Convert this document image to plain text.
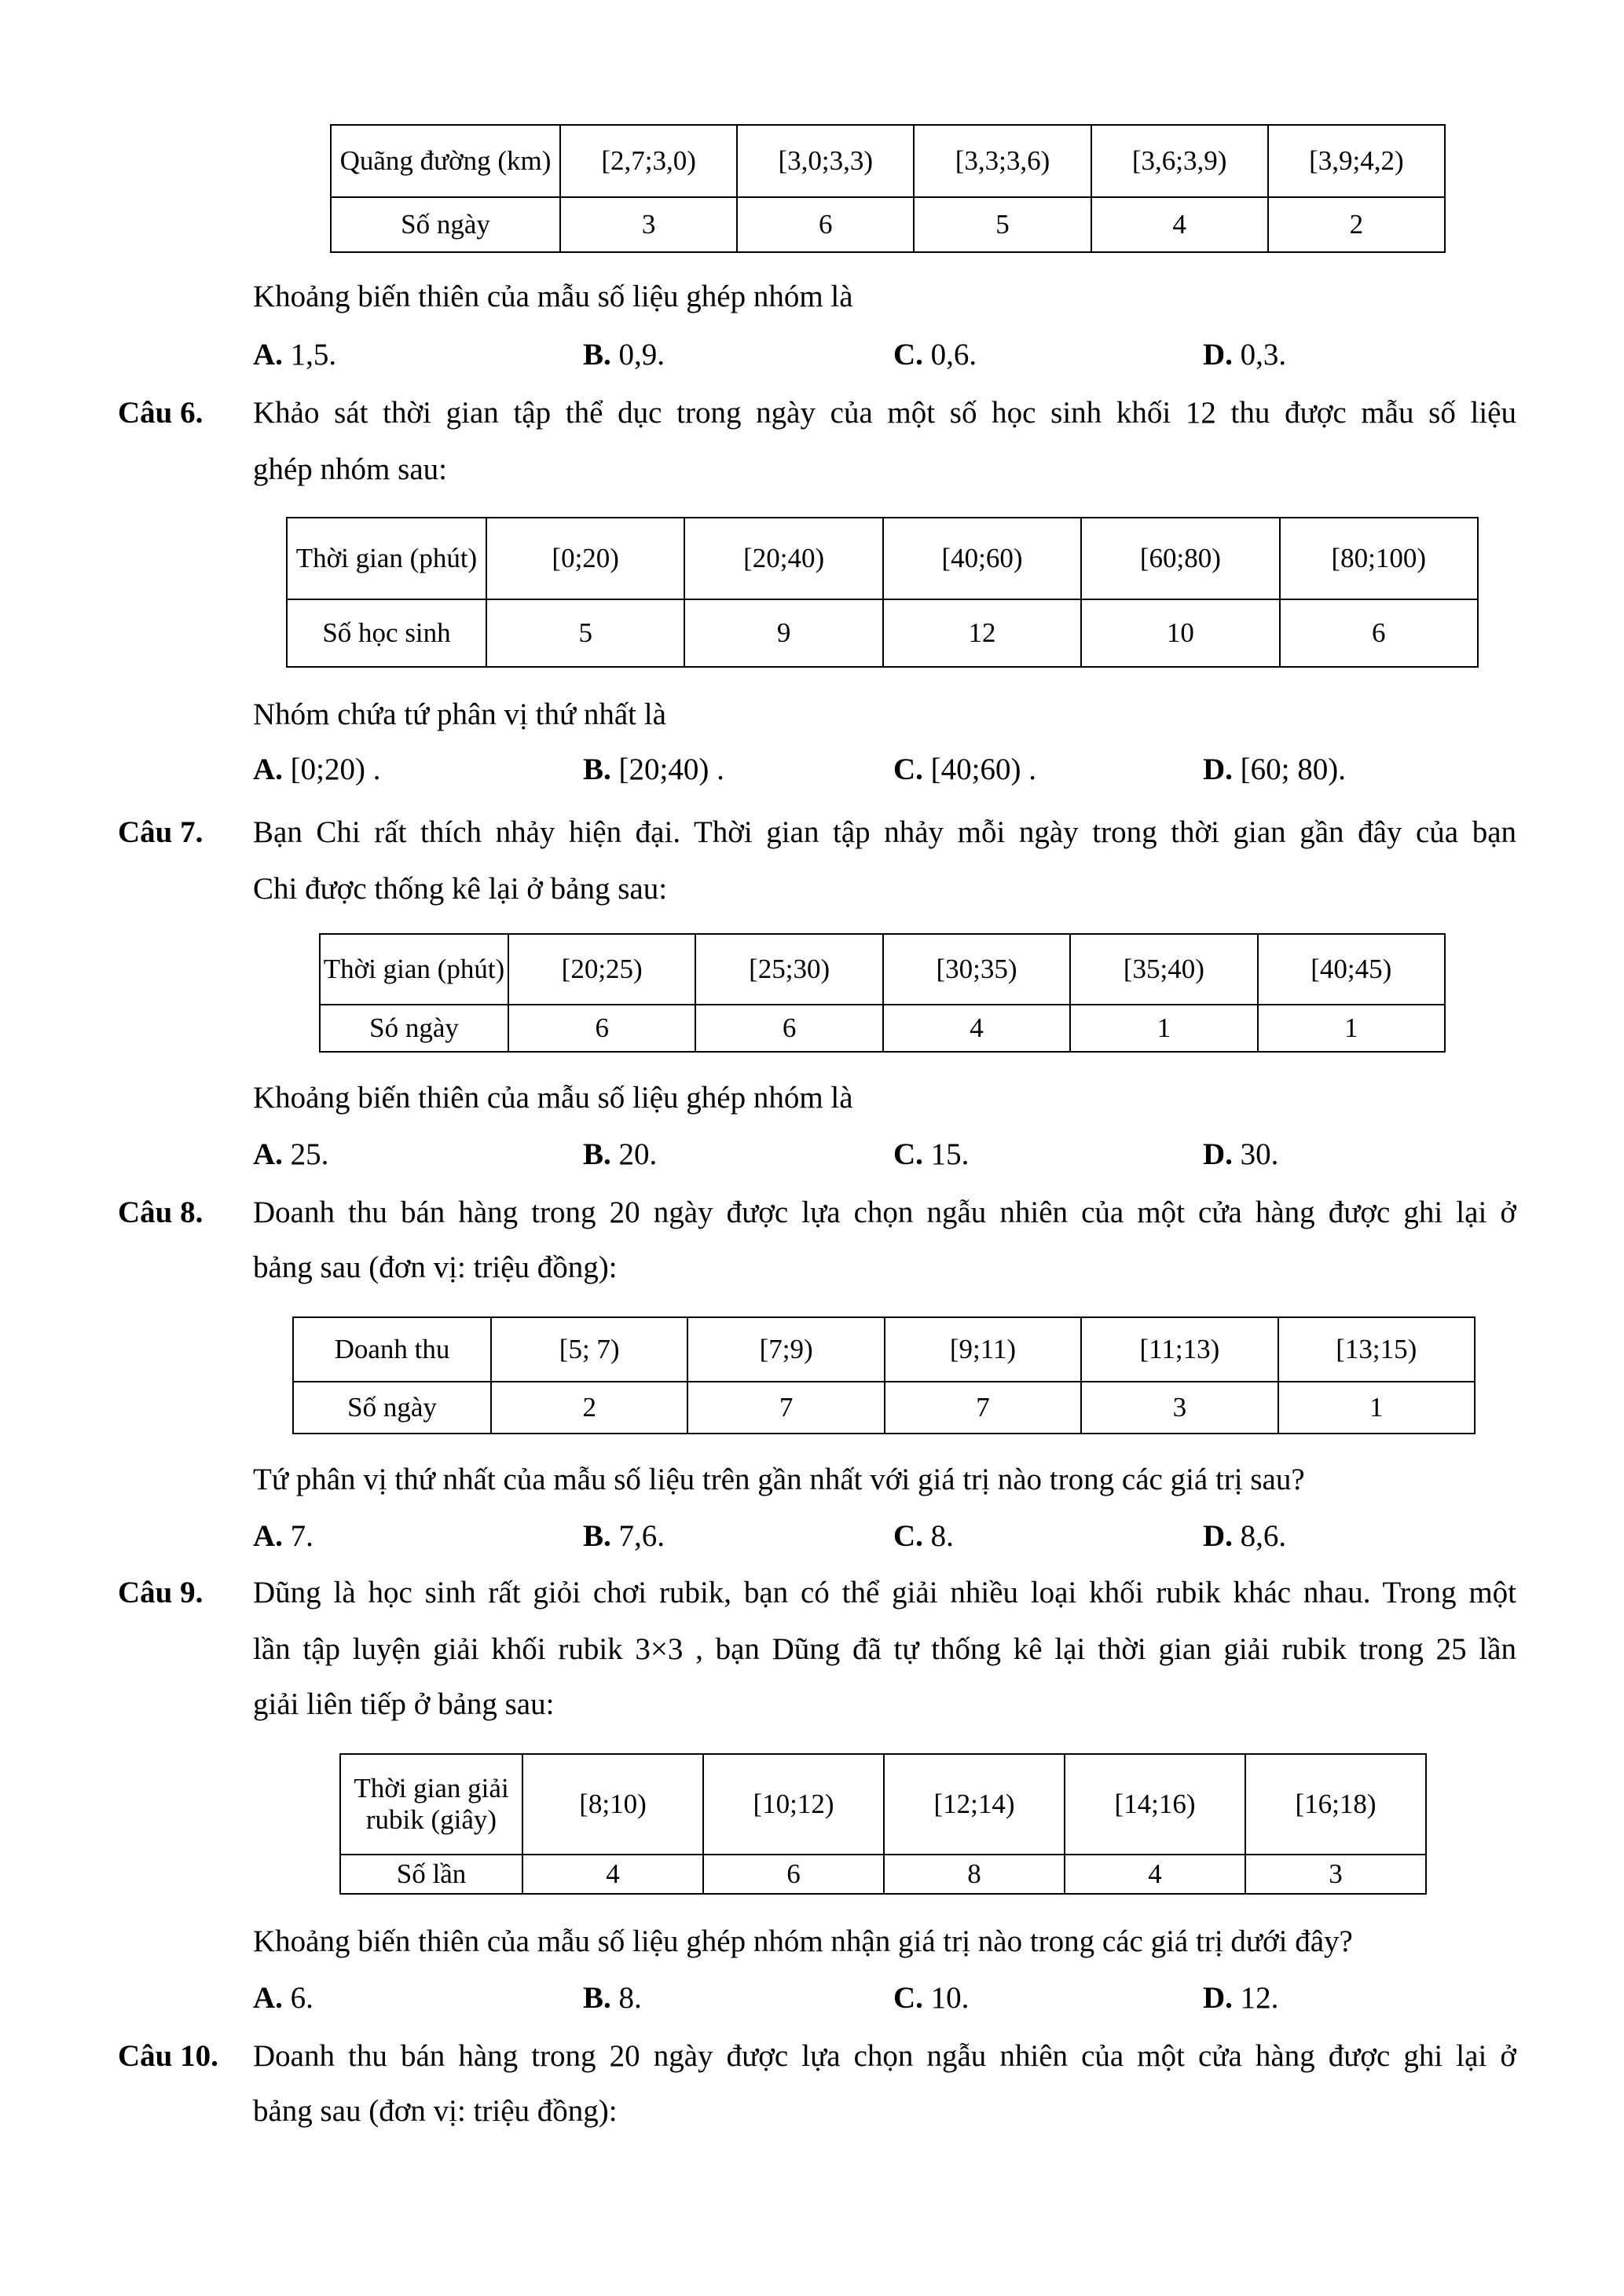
Quãng đường (km)	[2,7;3,0)	[3,0;3,3)	[3,3;3,6)	[3,6;3,9)	[3,9;4,2)
Số ngày	3	6	5	4	2
Khoảng biến thiên của mẫu số liệu ghép nhóm là
A. 1,5.	B. 0,9.	C. 0,6.	D. 0,3.
Câu 6. Khảo sát thời gian tập thể dục trong ngày của một số học sinh khối 12 thu được mẫu số liệu
ghép nhóm sau:
Thời gian (phút)	[0;20)	[20;40)	[40;60)	[60;80)	[80;100)
Số học sinh	5	9	12	10	6
Nhóm chứa tứ phân vị thứ nhất là
A. [0;20) .	B. [20;40) .	C. [40;60) .	D. [60; 80).
Câu 7. Bạn Chi rất thích nhảy hiện đại. Thời gian tập nhảy mỗi ngày trong thời gian gần đây của bạn
Chi được thống kê lại ở bảng sau:
Thời gian (phút)	[20;25)	[25;30)	[30;35)	[35;40)	[40;45)
Só ngày	6	6	4	1	1
Khoảng biến thiên của mẫu số liệu ghép nhóm là
A. 25.	B. 20.	C. 15.	D. 30.
Câu 8. Doanh thu bán hàng trong 20 ngày được lựa chọn ngẫu nhiên của một cửa hàng được ghi lại ở
bảng sau (đơn vị: triệu đồng):
Doanh thu	[5; 7)	[7;9)	[9;11)	[11;13)	[13;15)
Số ngày	2	7	7	3	1
Tứ phân vị thứ nhất của mẫu số liệu trên gần nhất với giá trị nào trong các giá trị sau?
A. 7.	B. 7,6.	C. 8.	D. 8,6.
Câu 9. Dũng là học sinh rất giỏi chơi rubik, bạn có thể giải nhiều loại khối rubik khác nhau. Trong một
lần tập luyện giải khối rubik 3×3 , bạn Dũng đã tự thống kê lại thời gian giải rubik trong 25 lần
giải liên tiếp ở bảng sau:
Thời gian giải rubik (giây)	[8;10)	[10;12)	[12;14)	[14;16)	[16;18)
Số lần	4	6	8	4	3
Khoảng biến thiên của mẫu số liệu ghép nhóm nhận giá trị nào trong các giá trị dưới đây?
A. 6.	B. 8.	C. 10.	D. 12.
Câu 10. Doanh thu bán hàng trong 20 ngày được lựa chọn ngẫu nhiên của một cửa hàng được ghi lại ở
bảng sau (đơn vị: triệu đồng):
